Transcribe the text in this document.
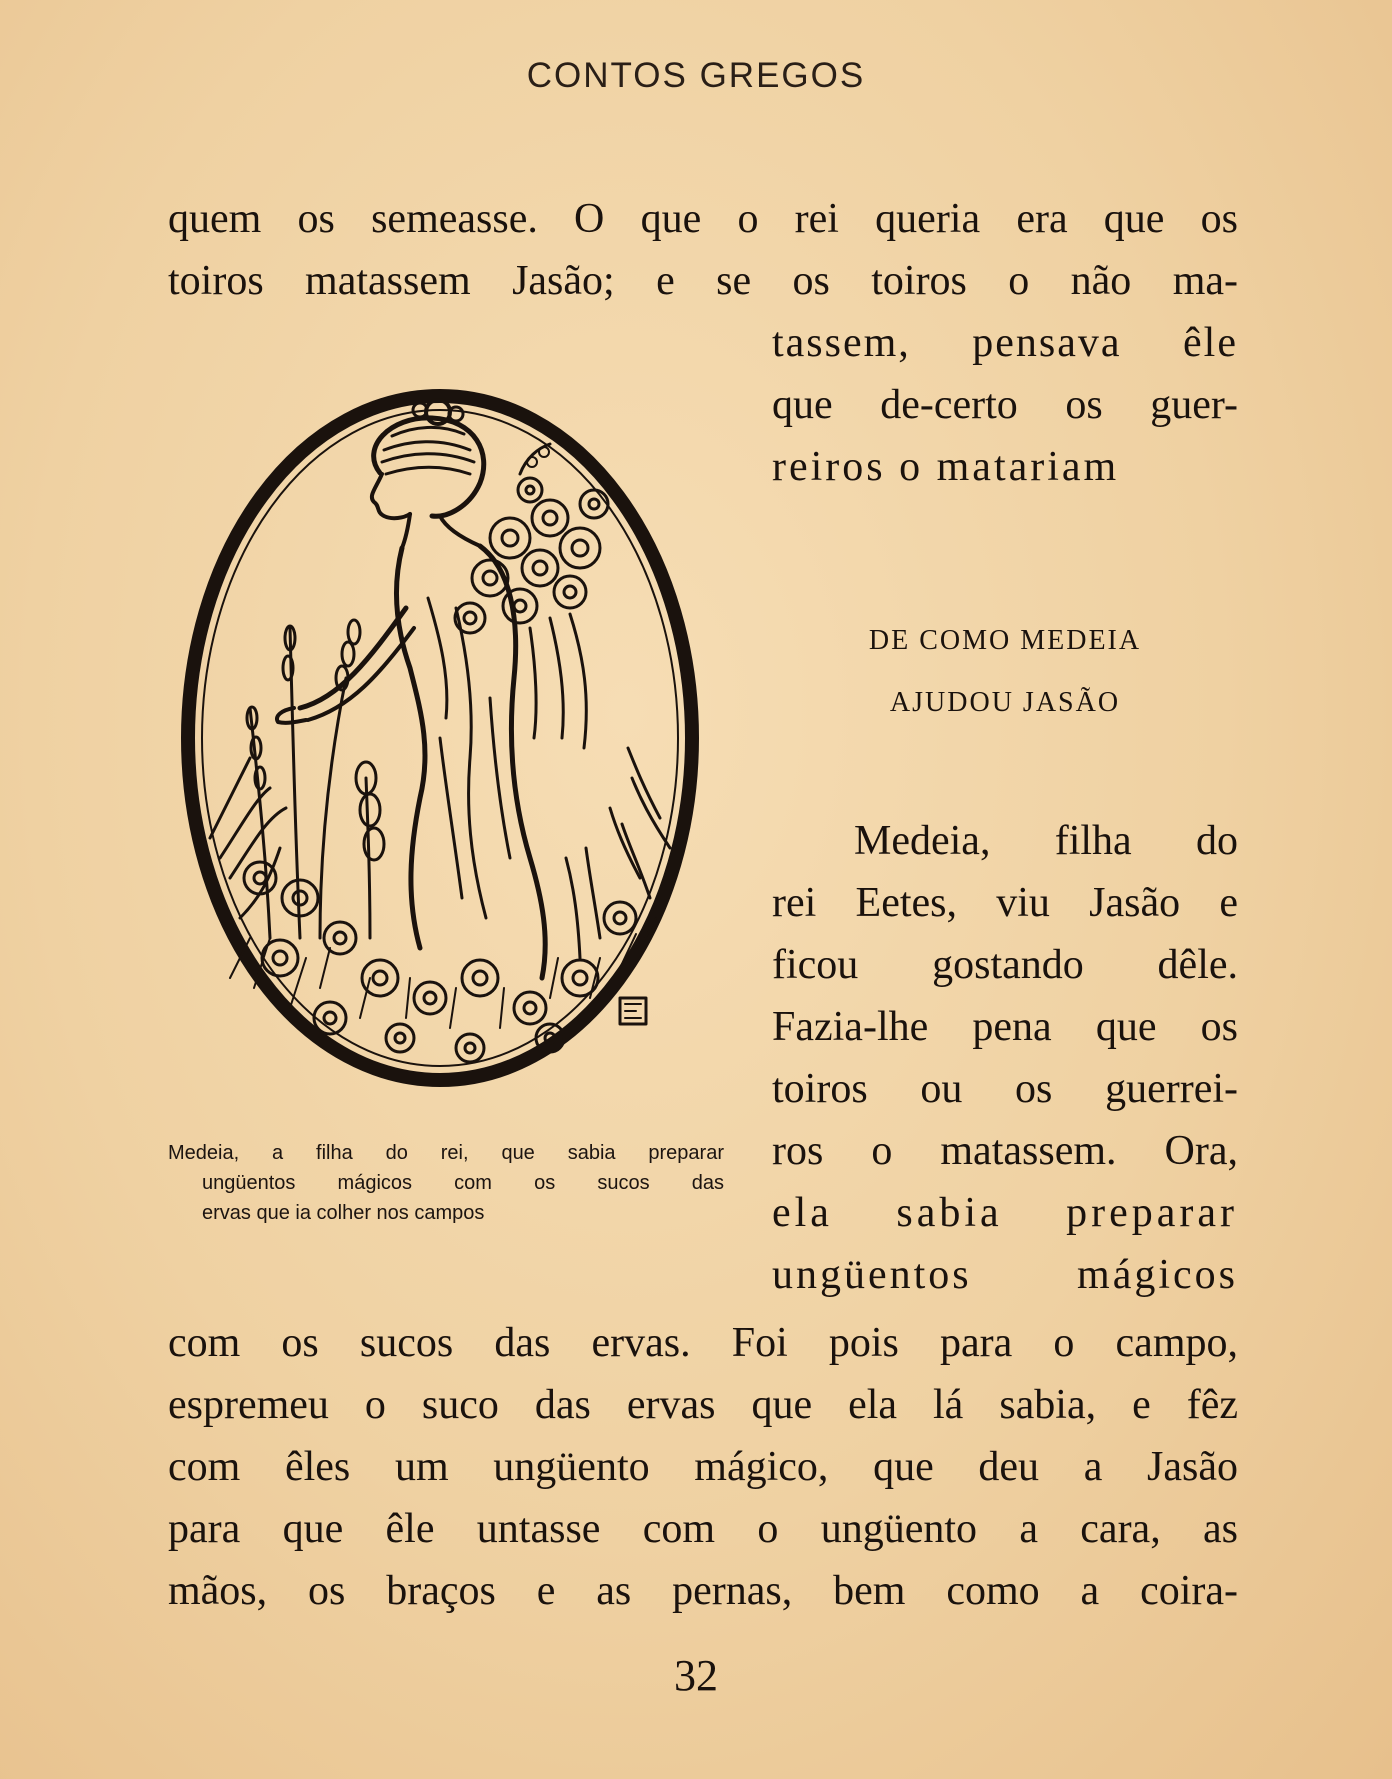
CONTOS GREGOS
quem os semeasse. O que o rei queria era que os
toiros matassem Jasão; e se os toiros o não ma-
tassem, pensava êle
que de-certo os guer-
reiros o matariam
DE COMO MEDEIA
AJUDOU JASÃO
Medeia, filha do
rei Eetes, viu Jasão e
ficou gostando dêle.
Fazia-lhe pena que os
toiros ou os guerrei-
ros o matassem. Ora,
ela sabia preparar
ungüentos mágicos
com os sucos das ervas. Foi pois para o campo,
espremeu o suco das ervas que ela lá sabia, e fêz
com êles um ungüento mágico, que deu a Jasão
para que êle untasse com o ungüento a cara, as
mãos, os braços e as pernas, bem como a coira-
Medeia, a filha do rei, que sabia preparar
ungüentos mágicos com os sucos das
ervas que ia colher nos campos
32
